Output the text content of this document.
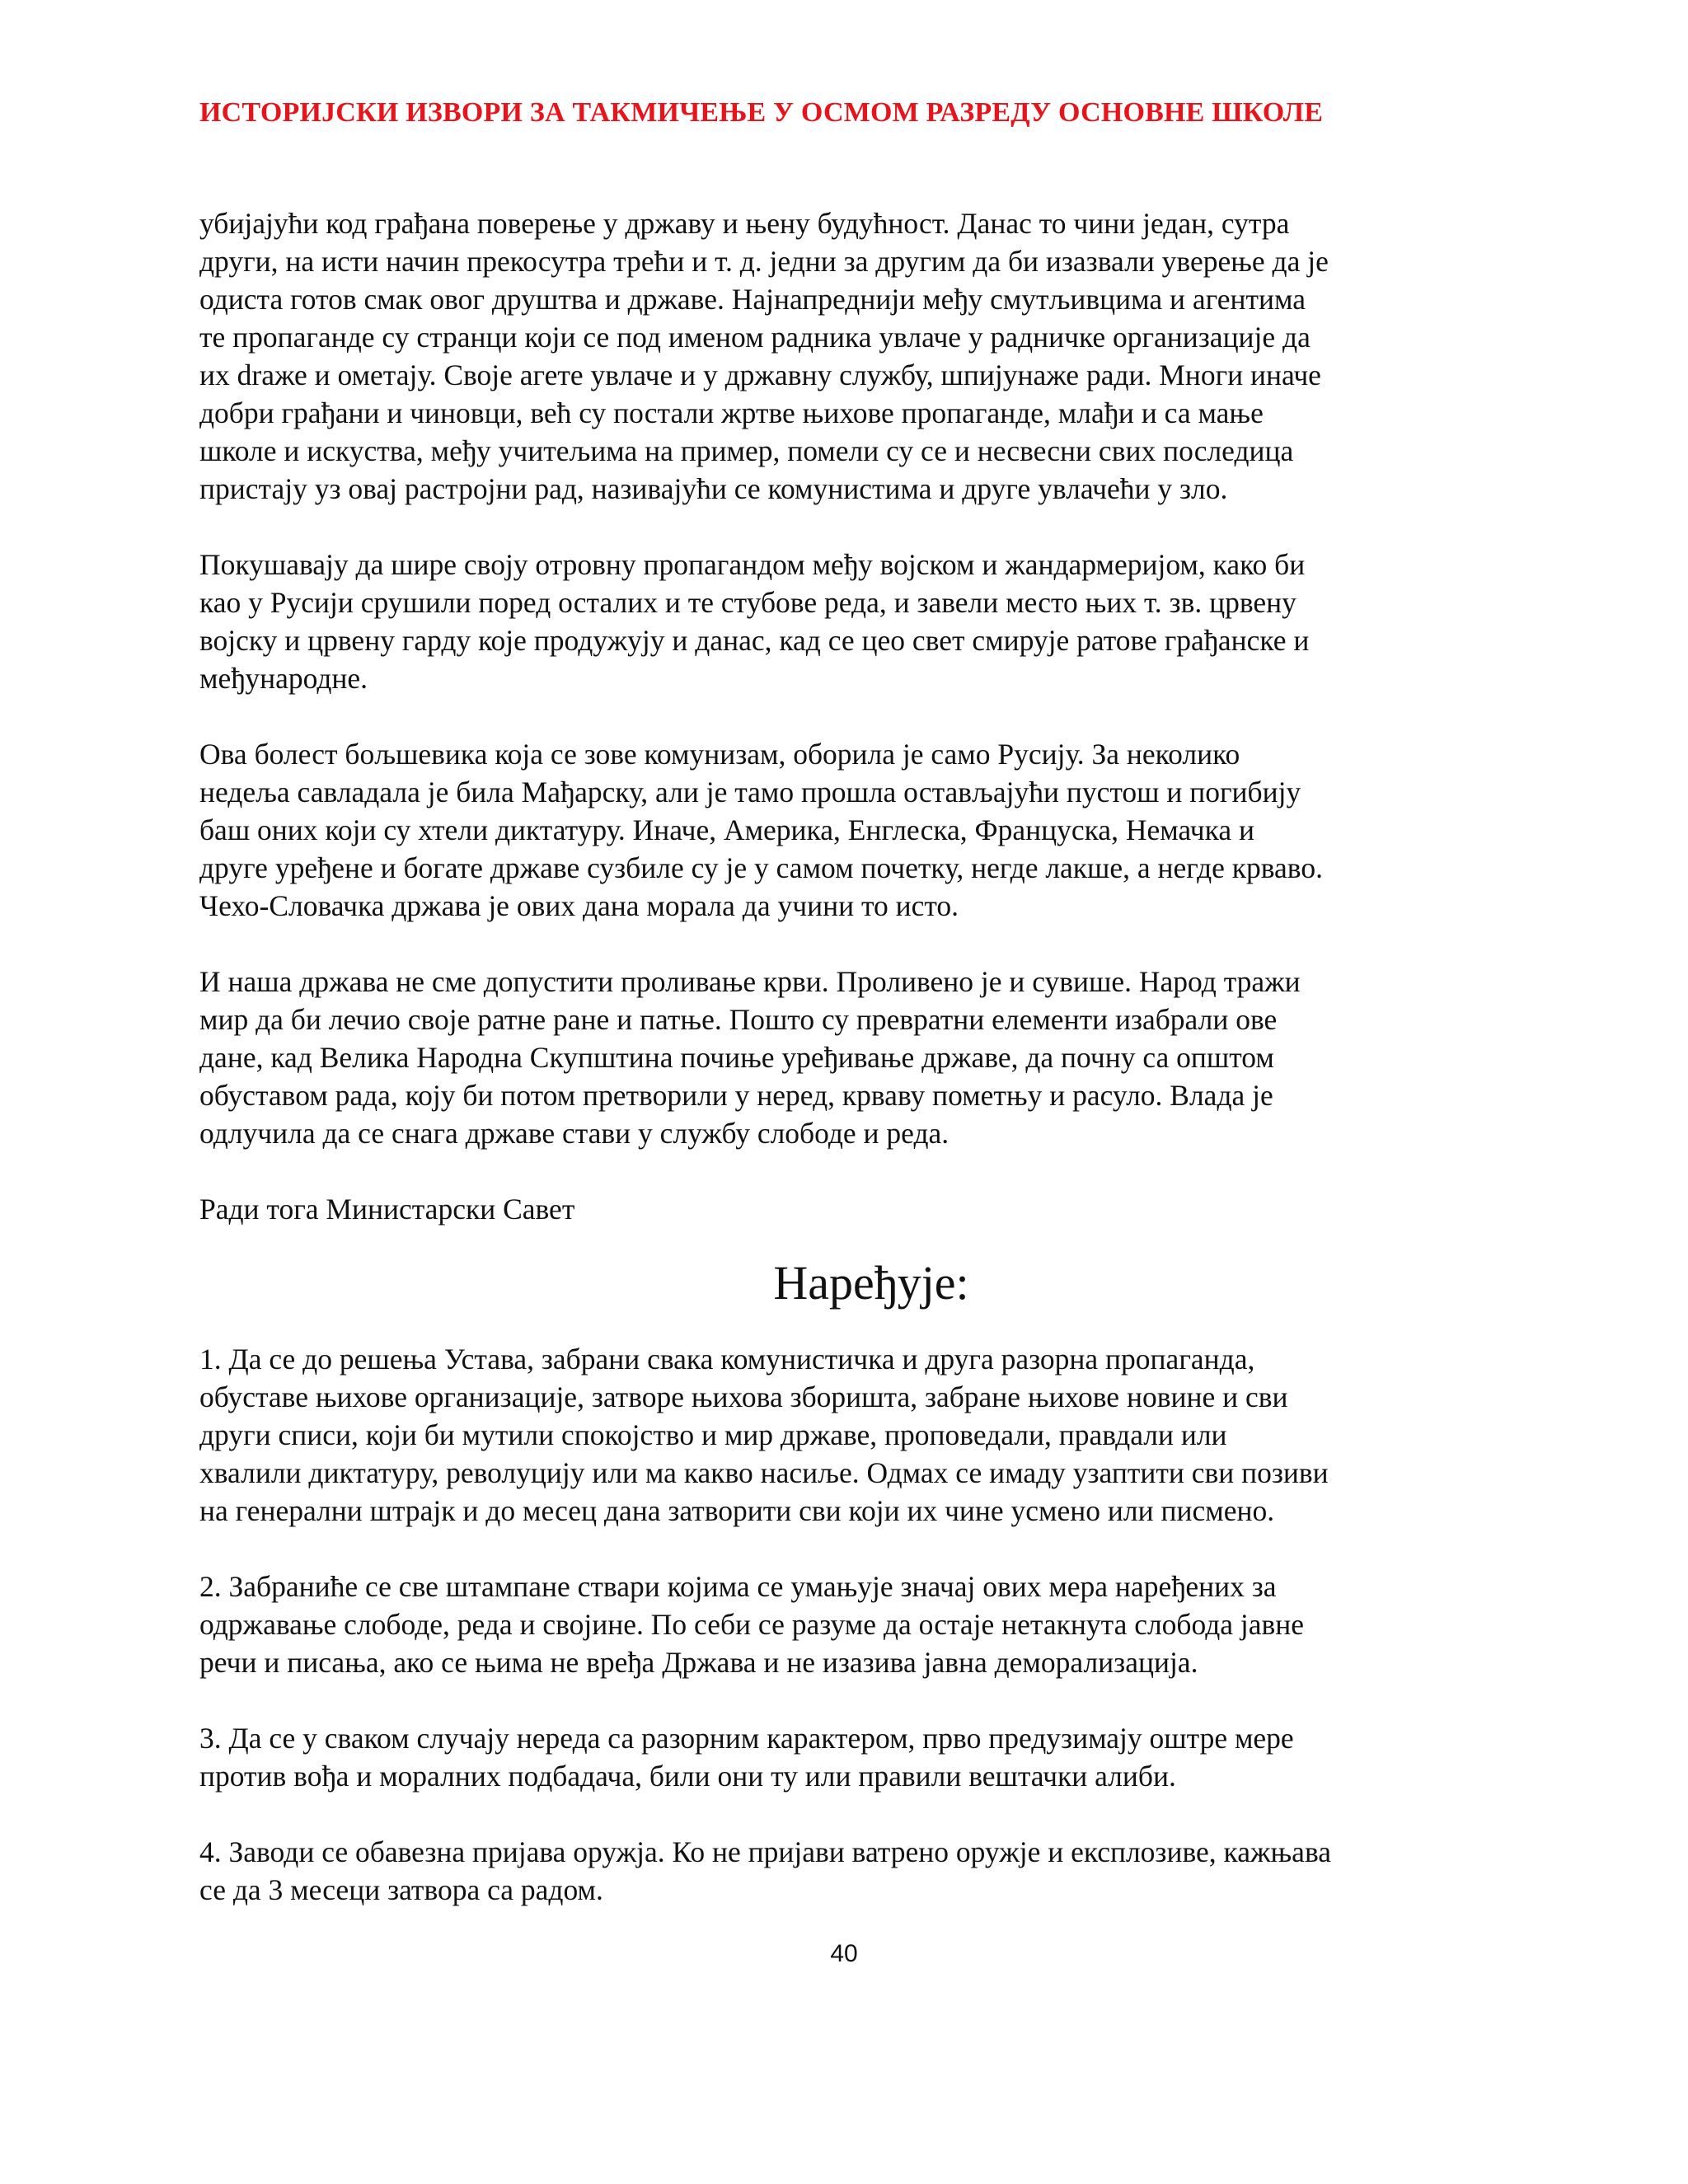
ИСТОРИЈСКИ ИЗВОРИ ЗА ТАКМИЧЕЊЕ У ОСМОМ РАЗРЕДУ ОСНОВНЕ ШКОЛЕ
убијајући код грађана поверење у државу и њену будућност. Данас то чини један, сутра
други, на исти начин прекосутра трећи и т. д. једни за другим да би изазвали уверење да је
одиста готов смак овог друштва и државе. Најнапреднији међу смутљивцима и агентима
те пропаганде су странци који се под именом радника увлаче у радничке организације да
их draже и ометају. Своје агете увлаче и у државну службу, шпијунаже ради. Многи иначе
добри грађани и чиновци, већ су постали жртве њихове пропаганде, млађи и са мање
школе и искуства, међу учитељима на пример, помели су се и несвесни свих последица
пристају уз овај растројни рад, називајући се комунистима и друге увлачећи у зло.
Покушавају да шире своју отровну пропагандом међу војском и жандармеријом, како би
као у Русији срушили поред осталих и те стубове реда, и завели место њих т. зв. црвену
војску и црвену гарду које продужују и данас, кад се цео свет смирује ратове грађанске и
међународне.
Ова болест бољшевика која се зове комунизам, оборила је само Русију. За неколико
недеља савладала је била Мађарску, али је тамо прошла остављајући пустош и погибију
баш оних који су хтели диктатуру. Иначе, Америка, Енглеска, Француска, Немачка и
друге уређене и богате државе сузбиле су је у самом почетку, негде лакше, а негде крваво.
Чехо-Словачка држава је ових дана морала да учини то исто.
И наша држава не сме допустити проливање крви. Проливено је и сувише. Народ тражи
мир да би лечио своје ратне ране и патње. Пошто су превратни елементи изабрали ове
дане, кад Велика Народна Скупштина почиње уређивање државе, да почну са општом
обуставом рада, коју би потом претворили у неред, крваву пометњу и расуло. Влада је
одлучила да се снага државе стави у службу слободе и реда.
Ради тога Министарски Савет
Наређује:
1. Да се до решења Устава, забрани свака комунистичка и друга разорна пропаганда,
обуставе њихове организације, затворе њихова зборишта, забране њихове новине и сви
други списи, који би мутили спокојство и мир државе, проповедали, правдали или
хвалили диктатуру, револуцију или ма какво насиље. Одмах се имаду узаптити сви позиви
на генерални штрајк и до месец дана затворити сви који их чине усмено или писмено.
2. Забраниће се све штампане ствари којима се умањује значај ових мера наређених за
одржавање слободе, реда и својине. По себи се разуме да остаје нетакнута слобода јавне
речи и писања, ако се њима не вређа Држава и не изазива јавна деморализација.
3. Да се у сваком случају нереда са разорним карактером, прво предузимају оштре мере
против вођа и моралних подбадача, били они ту или правили вештачки алиби.
4. Заводи се обавезна пријава оружја. Ко не пријави ватрено оружје и експлозиве, кажњава
се да 3 месеци затвора са радом.
40
